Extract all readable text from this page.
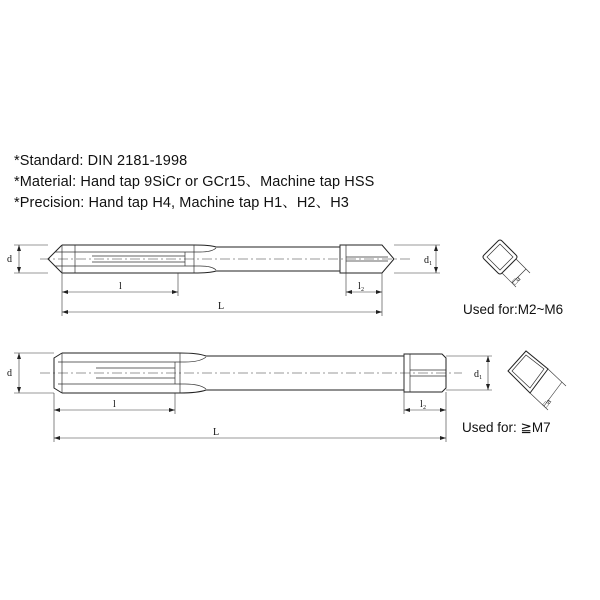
*Standard: DIN 2181-1998
*Material: Hand tap 9SiCr or GCr15、Machine tap HSS
*Precision: Hand tap H4, Machine tap H1、H2、H3
d	d₁
l	l₂
L
□a
Used for:M2~M6
d	d₁
l	l₂
L
□a
Used for: ≧M7
